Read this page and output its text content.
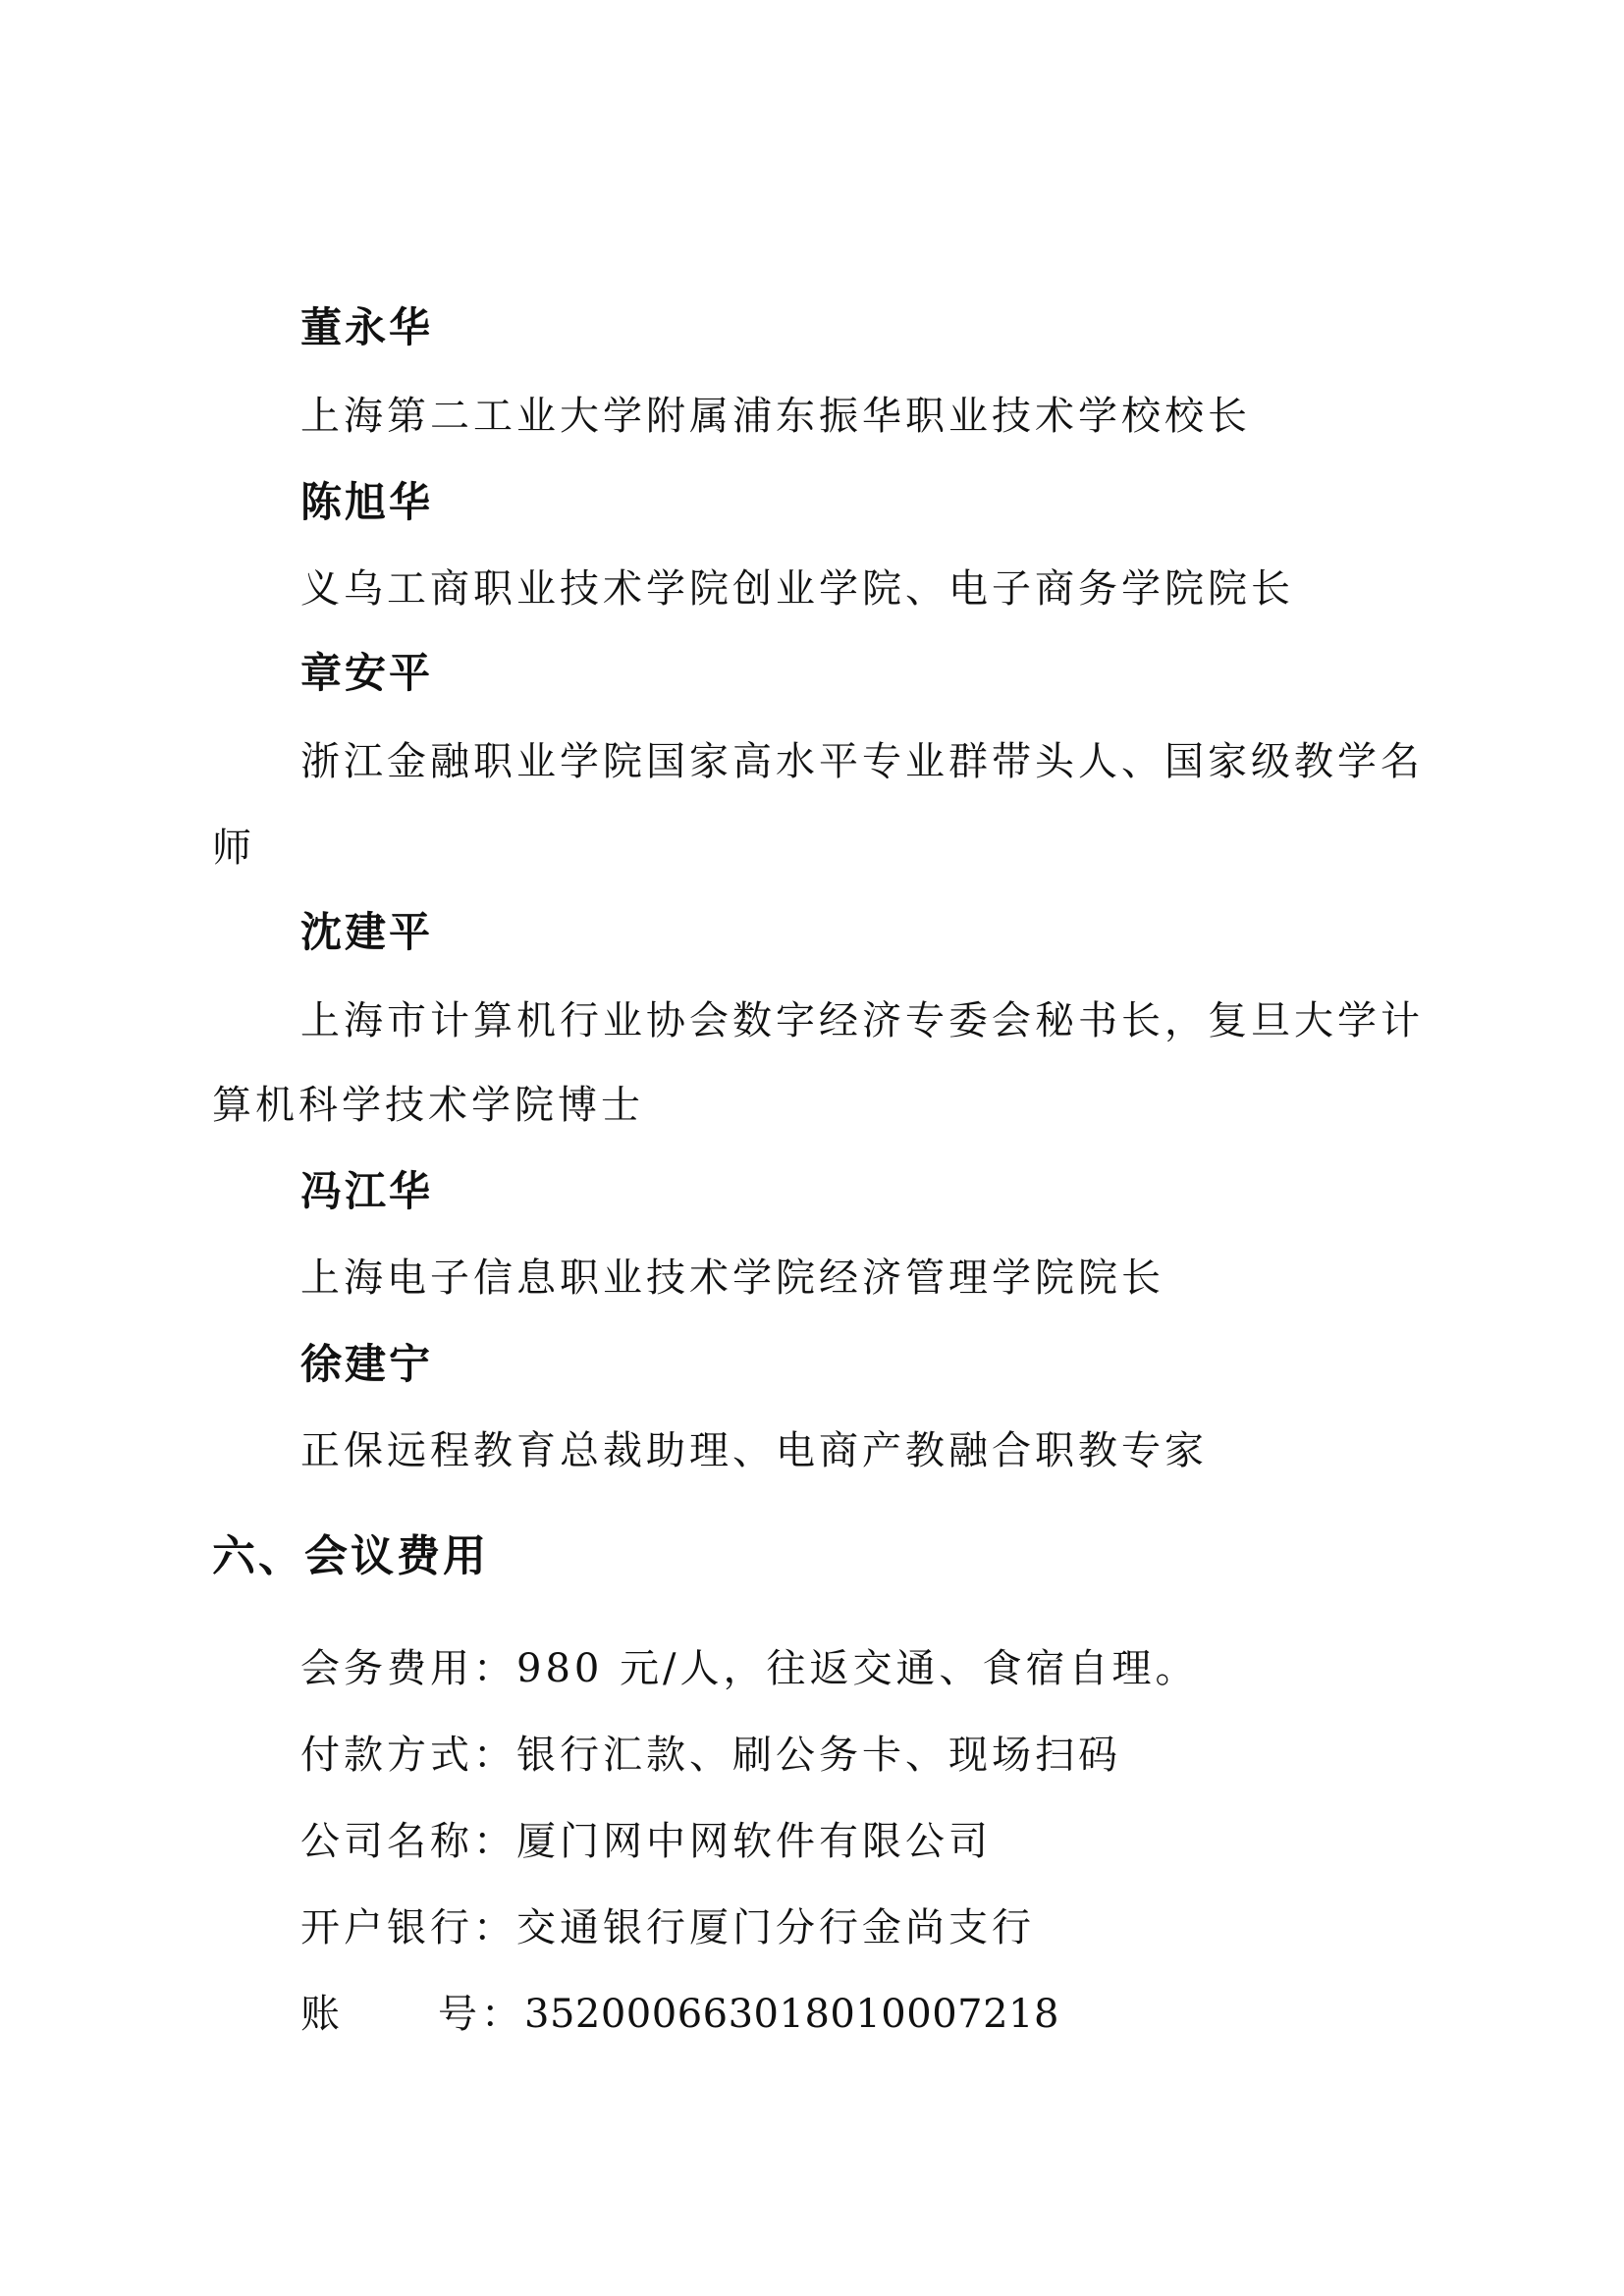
董永华
上海第二工业大学附属浦东振华职业技术学校校长
陈旭华
义乌工商职业技术学院创业学院、电子商务学院院长
章安平
浙江金融职业学院国家高水平专业群带头人、国家级教学名
师
沈建平
上海市计算机行业协会数字经济专委会秘书长，复旦大学计
算机科学技术学院博士
冯江华
上海电子信息职业技术学院经济管理学院院长
徐建宁
正保远程教育总裁助理、电商产教融合职教专家
六、会议费用
会务费用：980 元/人，往返交通、食宿自理。
付款方式：银行汇款、刷公务卡、现场扫码
公司名称：厦门网中网软件有限公司
开户银行：交通银行厦门分行金尚支行
账 号：352000663018010007218
